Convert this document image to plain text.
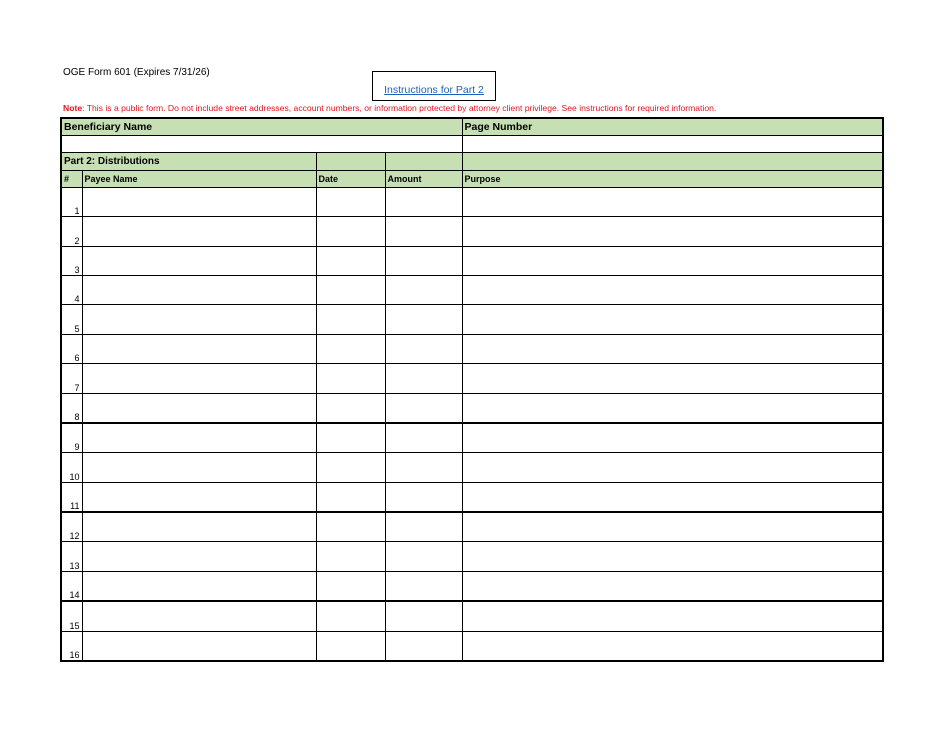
OGE Form 601 (Expires 7/31/26)
Instructions for Part 2
Note: This is a public form. Do not include street addresses, account numbers, or information protected by attorney client privilege. See instructions for required information.
Beneficiary Name				Page Number

Part 2: Distributions				
#	Payee Name	Date	Amount	Purpose
1				
2				
3				
4				
5				
6				
7				
8				
9				
10				
11				
12				
13				
14				
15				
16				
